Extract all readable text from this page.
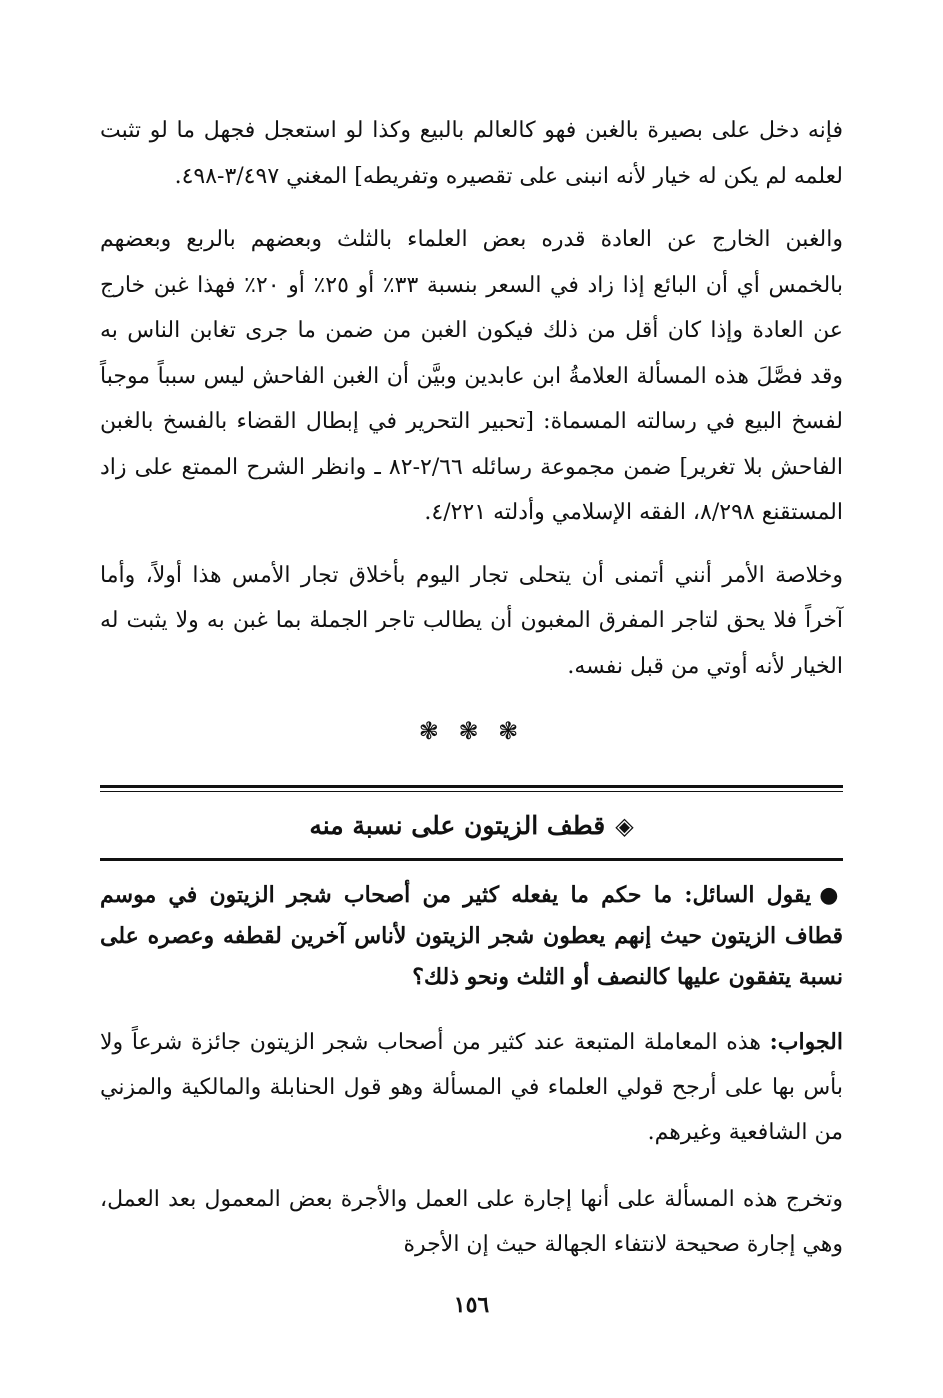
فإنه دخل على بصيرة بالغبن فهو كالعالم بالبيع وكذا لو استعجل فجهل ما لو تثبت لعلمه لم يكن له خيار لأنه انبنى على تقصيره وتفريطه] المغني ٣/٤٩٧-٤٩٨.

والغبن الخارج عن العادة قدره بعض العلماء بالثلث وبعضهم بالربع وبعضهم بالخمس أي أن البائع إذا زاد في السعر بنسبة ٣٣٪ أو ٢٥٪ أو ٢٠٪ فهذا غبن خارج عن العادة وإذا كان أقل من ذلك فيكون الغبن من ضمن ما جرى تغابن الناس به وقد فصَّلَ هذه المسألة العلامةُ ابن عابدين وبيَّن أن الغبن الفاحش ليس سبباً موجباً لفسخ البيع في رسالته المسماة: [تحبير التحرير في إبطال القضاء بالفسخ بالغبن الفاحش بلا تغرير] ضمن مجموعة رسائله ٢/٦٦-٨٢ ـ وانظر الشرح الممتع على زاد المستقنع ٨/٢٩٨، الفقه الإسلامي وأدلته ٤/٢٢١.

وخلاصة الأمر أنني أتمنى أن يتحلى تجار اليوم بأخلاق تجار الأمس هذا أولاً، وأما آخراً فلا يحق لتاجر المفرق المغبون أن يطالب تاجر الجملة بما غبن به ولا يثبت له الخيار لأنه أوتي من قبل نفسه.

❃ ❃ ❃
◈قطف الزيتون على نسبة منه

●يقول السائل: ما حكم ما يفعله كثير من أصحاب شجر الزيتون في موسم قطاف الزيتون حيث إنهم يعطون شجر الزيتون لأناس آخرين لقطفه وعصره على نسبة يتفقون عليها كالنصف أو الثلث ونحو ذلك؟

الجواب: هذه المعاملة المتبعة عند كثير من أصحاب شجر الزيتون جائزة شرعاً ولا بأس بها على أرجح قولي العلماء في المسألة وهو قول الحنابلة والمالكية والمزني من الشافعية وغيرهم.

وتخرج هذه المسألة على أنها إجارة على العمل والأجرة بعض المعمول بعد العمل، وهي إجارة صحيحة لانتفاء الجهالة حيث إن الأجرة

١٥٦
